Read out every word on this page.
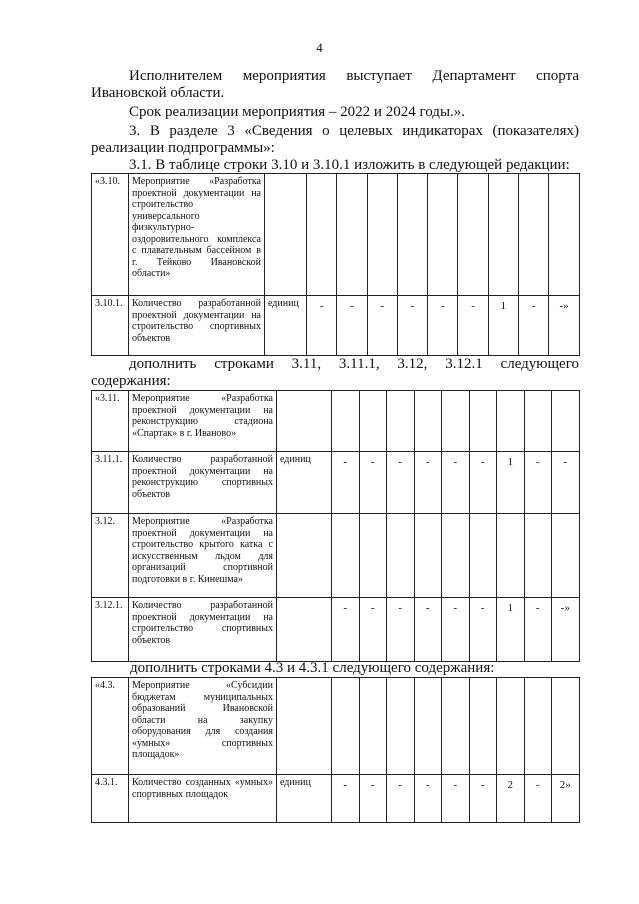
4

Исполнителем мероприятия выступает Департамент спорта

Ивановской области.

Срок реализации мероприятия – 2022 и 2024 годы.».

3. В разделе 3 «Сведения о целевых индикаторах (показателях)

реализации подпрограммы»:

3.1. В таблице строки 3.10 и 3.10.1 изложить в следующей редакции:

«3.10.	Мероприятие «Разработка проектной документации на строительство универсального физкультурно-оздоровительного комплекса с плавательным бассейном в г. Тейково Ивановской области»										
3.10.1.	Количество разработанной проектной документации на строительство спортивных объектов	единиц	-	-	-	-	-	-	1	-	-»

дополнить строками 3.11, 3.11.1, 3.12, 3.12.1 следующего

содержания:

«3.11.	Мероприятие «Разработка проектной документации на реконструкцию стадиона «Спартак» в г. Иваново»										
3.11.1.	Количество разработанной проектной документации на реконструкцию спортивных объектов	единиц	-	-	-	-	-	-	1	-	-
3.12.	Мероприятие «Разработка проектной документации на строительство крытого катка с искусственным льдом для организаций спортивной подготовки в г. Кинешма»										
3.12.1.	Количество разработанной проектной документации на строительство спортивных объектов		-	-	-	-	-	-	1	-	-»

дополнить строками 4.3 и 4.3.1 следующего содержания:

«4.3.	Мероприятие «Субсидии бюджетам муниципальных образований Ивановской области на закупку оборудования для создания «умных» спортивных площадок»										
4.3.1.	Количество созданных «умных» спортивных площадок	единиц	-	-	-	-	-	-	2	-	2»
